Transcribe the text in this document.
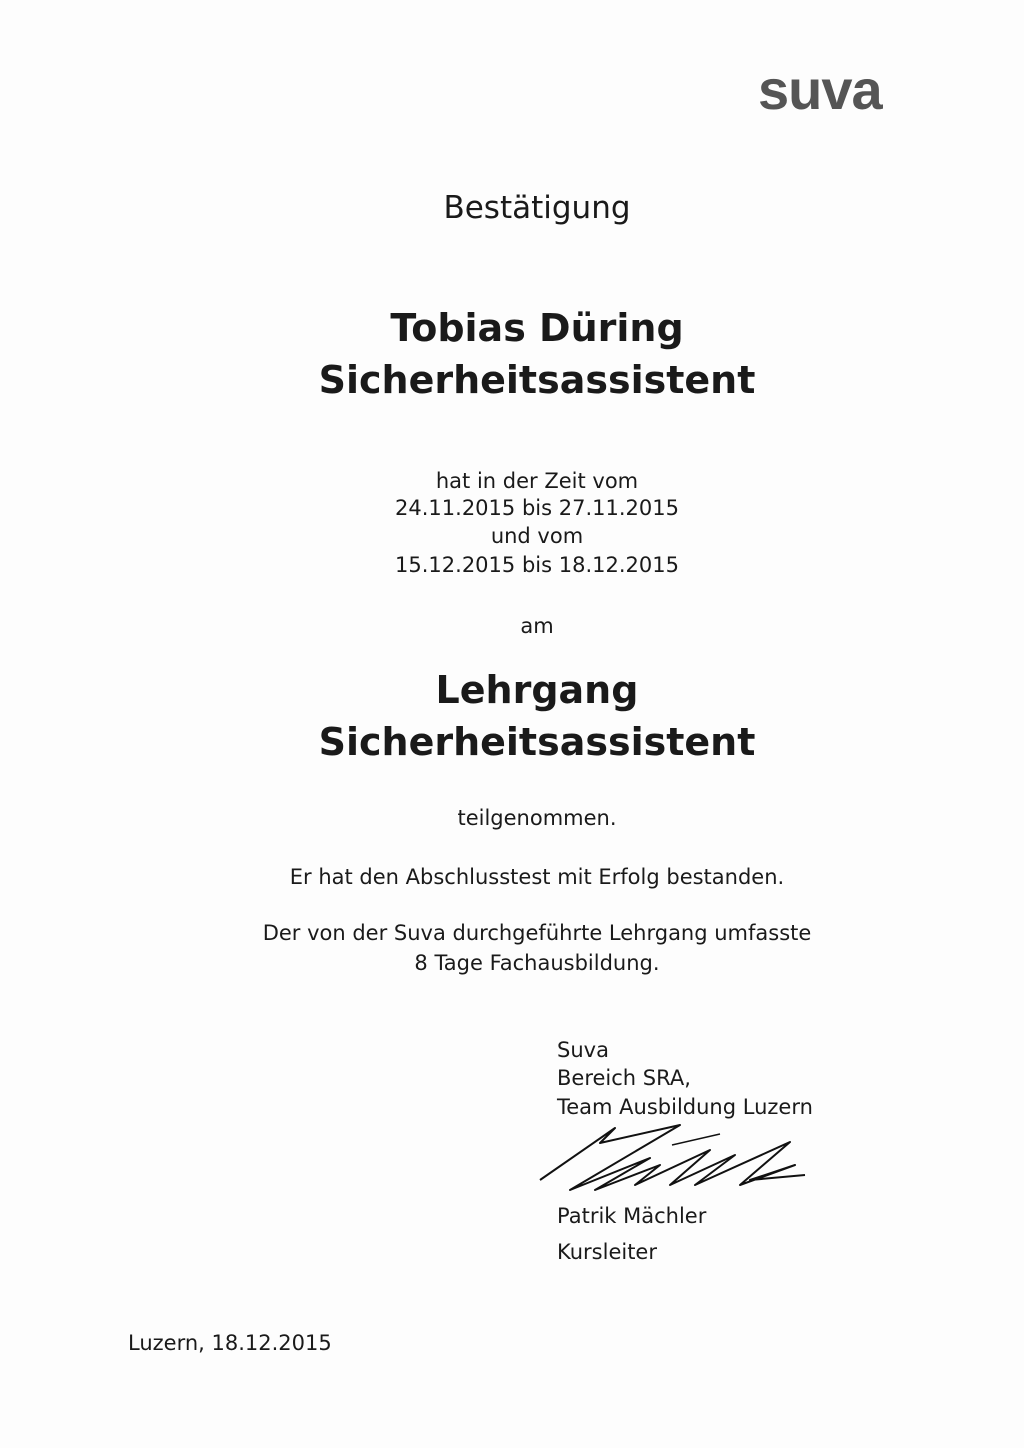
suva
Bestätigung
Tobias Düring
Sicherheitsassistent
hat in der Zeit vom
24.11.2015 bis 27.11.2015
und vom
15.12.2015 bis 18.12.2015
am
Lehrgang
Sicherheitsassistent
teilgenommen.
Er hat den Abschlusstest mit Erfolg bestanden.
Der von der Suva durchgeführte Lehrgang umfasste
8 Tage Fachausbildung.
Suva
Bereich SRA,
Team Ausbildung Luzern
Patrik Mächler
Kursleiter
Luzern, 18.12.2015
